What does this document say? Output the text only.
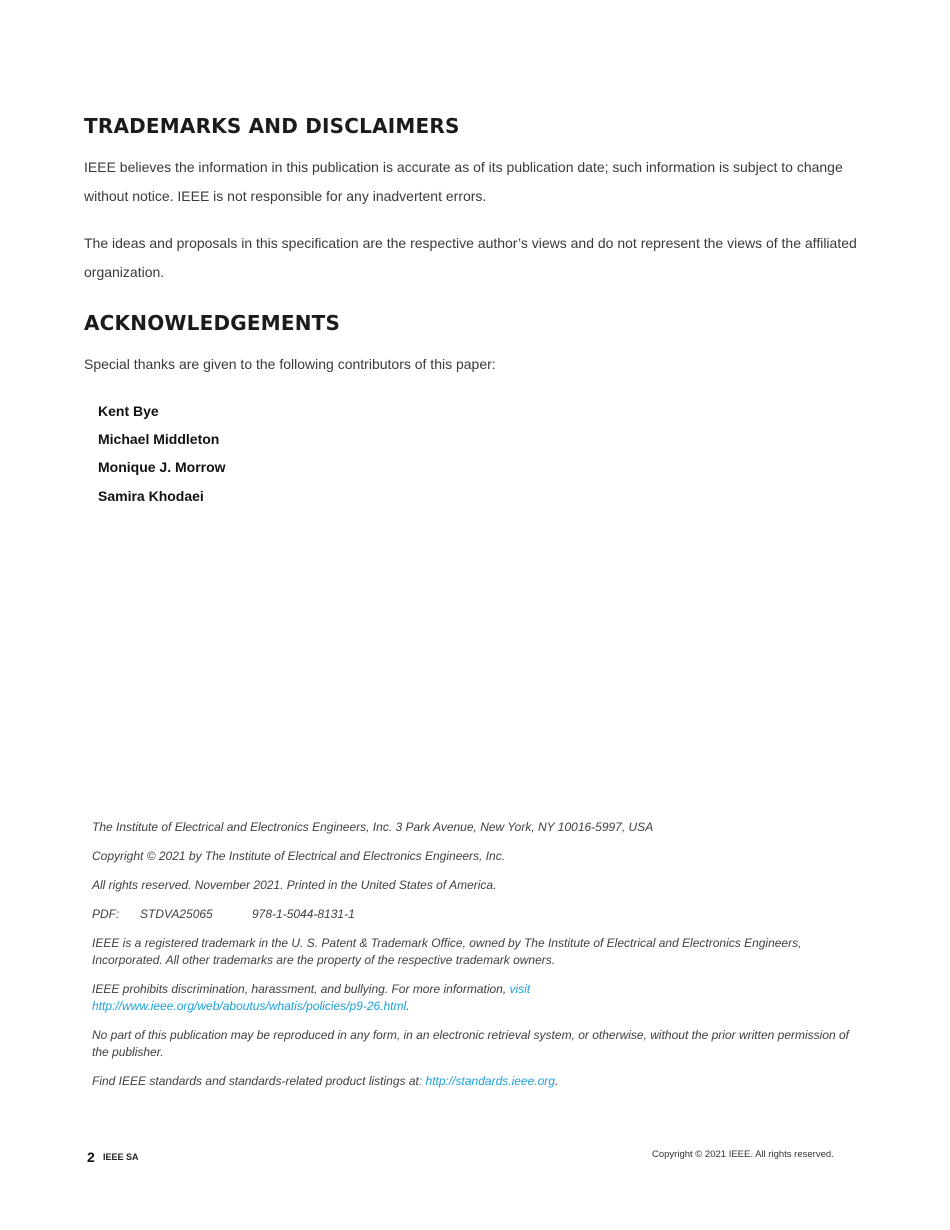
TRADEMARKS AND DISCLAIMERS

IEEE believes the information in this publication is accurate as of its publication date; such information is subject to change without notice. IEEE is not responsible for any inadvertent errors.

The ideas and proposals in this specification are the respective author’s views and do not represent the views of the affiliated organization.

ACKNOWLEDGEMENTS

Special thanks are given to the following contributors of this paper:

Kent Bye
Michael Middleton
Monique J. Morrow
Samira Khodaei

The Institute of Electrical and Electronics Engineers, Inc. 3 Park Avenue, New York, NY 10016-5997, USA

Copyright © 2021 by The Institute of Electrical and Electronics Engineers, Inc.

All rights reserved. November 2021. Printed in the United States of America.

PDF: STDVA25065	978-1-5044-8131-1

IEEE is a registered trademark in the U. S. Patent & Trademark Office, owned by The Institute of Electrical and Electronics Engineers, Incorporated. All other trademarks are the property of the respective trademark owners.

IEEE prohibits discrimination, harassment, and bullying. For more information, visit
http://www.ieee.org/web/aboutus/whatis/policies/p9-26.html.

No part of this publication may be reproduced in any form, in an electronic retrieval system, or otherwise, without the prior written permission of the publisher.

Find IEEE standards and standards-related product listings at: http://standards.ieee.org.

2 IEEE SA	Copyright © 2021 IEEE. All rights reserved.
